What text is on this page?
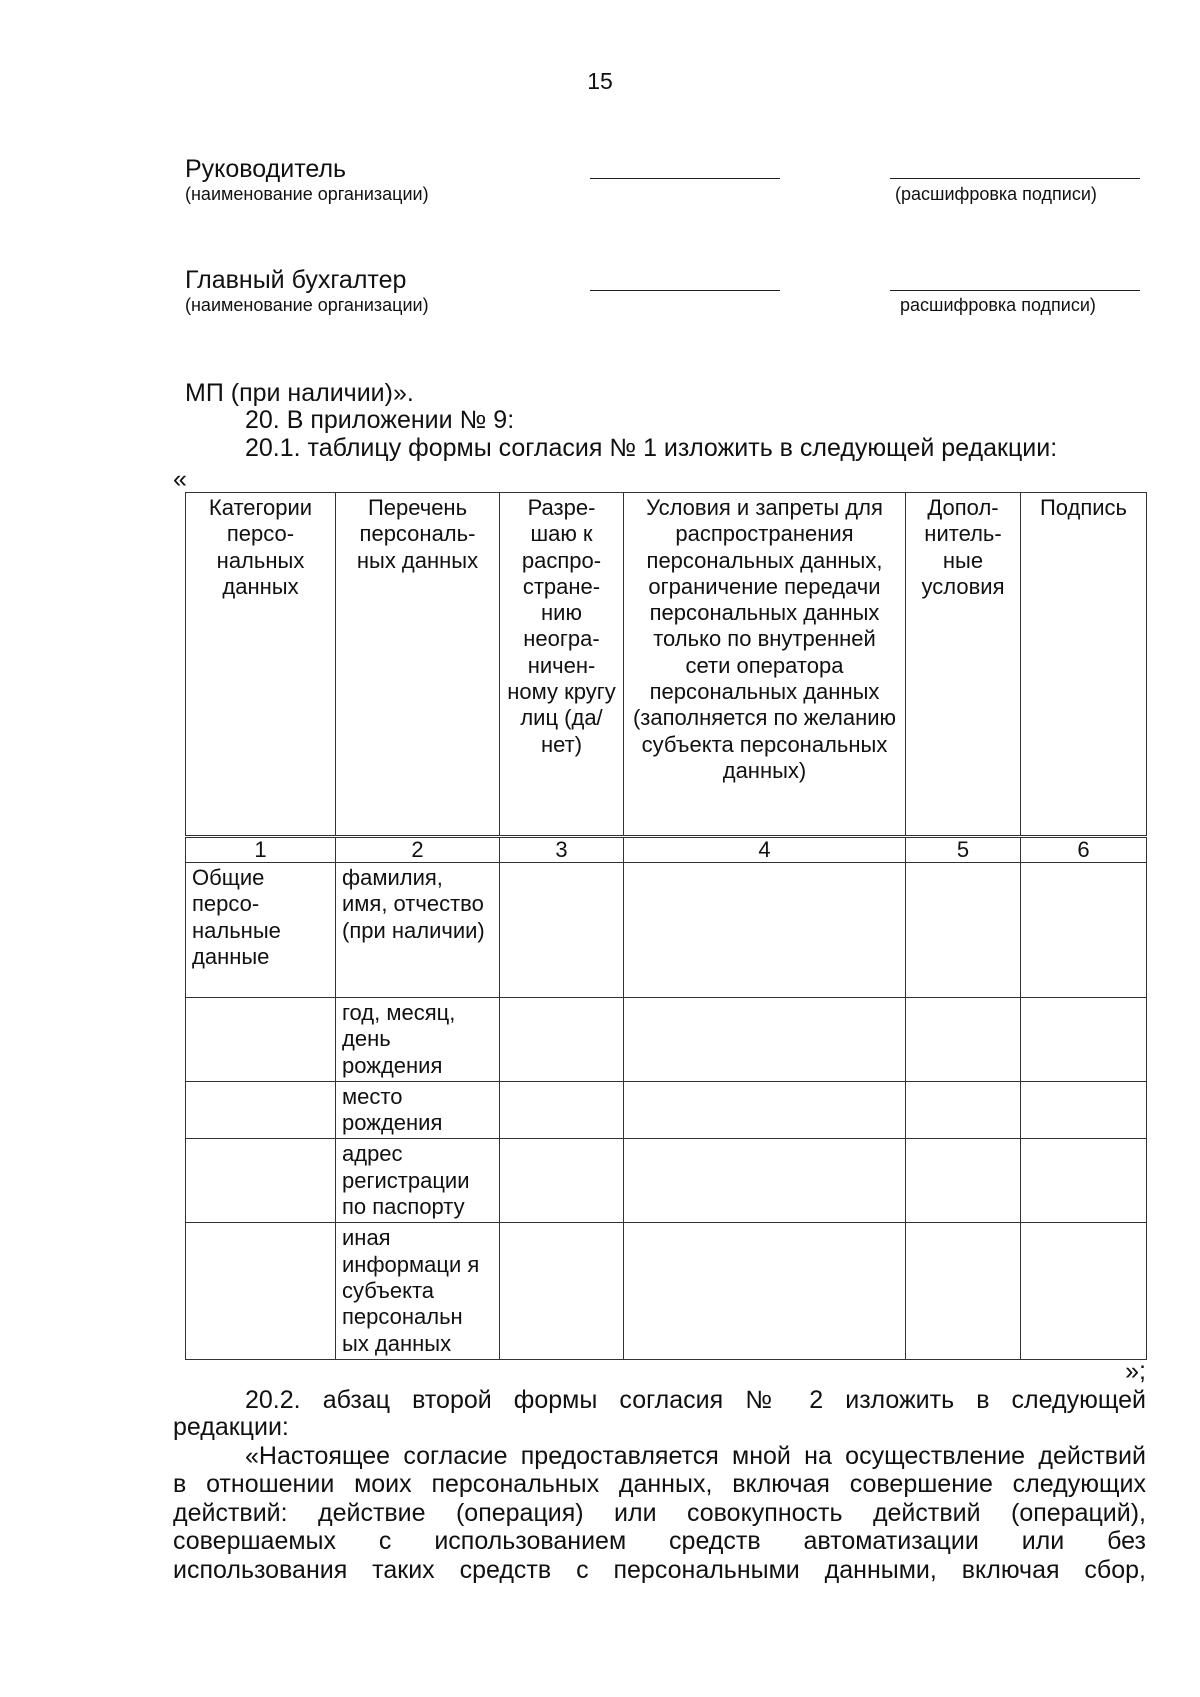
15
Руководитель
(наименование организации)	(расшифровка подписи)
Главный бухгалтер
(наименование организации)	расшифровка подписи)
МП (при наличии)».
20. В приложении № 9:
20.1. таблицу формы согласия № 1 изложить в следующей редакции:
«
Категории персо-нальных данных	Перечень персональ-ных данных	Разре-шаю к распро-стране-нию неогра-ничен-ному кругу лиц (да/нет)	Условия и запреты для распространения персональных данных, ограничение передачи персональных данных только по внутренней сети оператора персональных данных (заполняется по желанию субъекта персональных данных)	Допол-нитель-ные условия	Подпись
1	2	3	4	5	6
Общие персо-нальные данные	фамилия, имя, отчество (при наличии)				
	год, месяц, день рождения				
	место рождения				
	адрес регистрации по паспорту				
	иная информаци я субъекта персональн ых данных				
»;
20.2. абзац второй формы согласия № 2 изложить в следующей
редакции:
«Настоящее согласие предоставляется мной на осуществление действий
в отношении моих персональных данных, включая совершение следующих
действий: действие (операция) или совокупность действий (операций),
совершаемых с использованием средств автоматизации или без
использования таких средств с персональными данными, включая сбор,
